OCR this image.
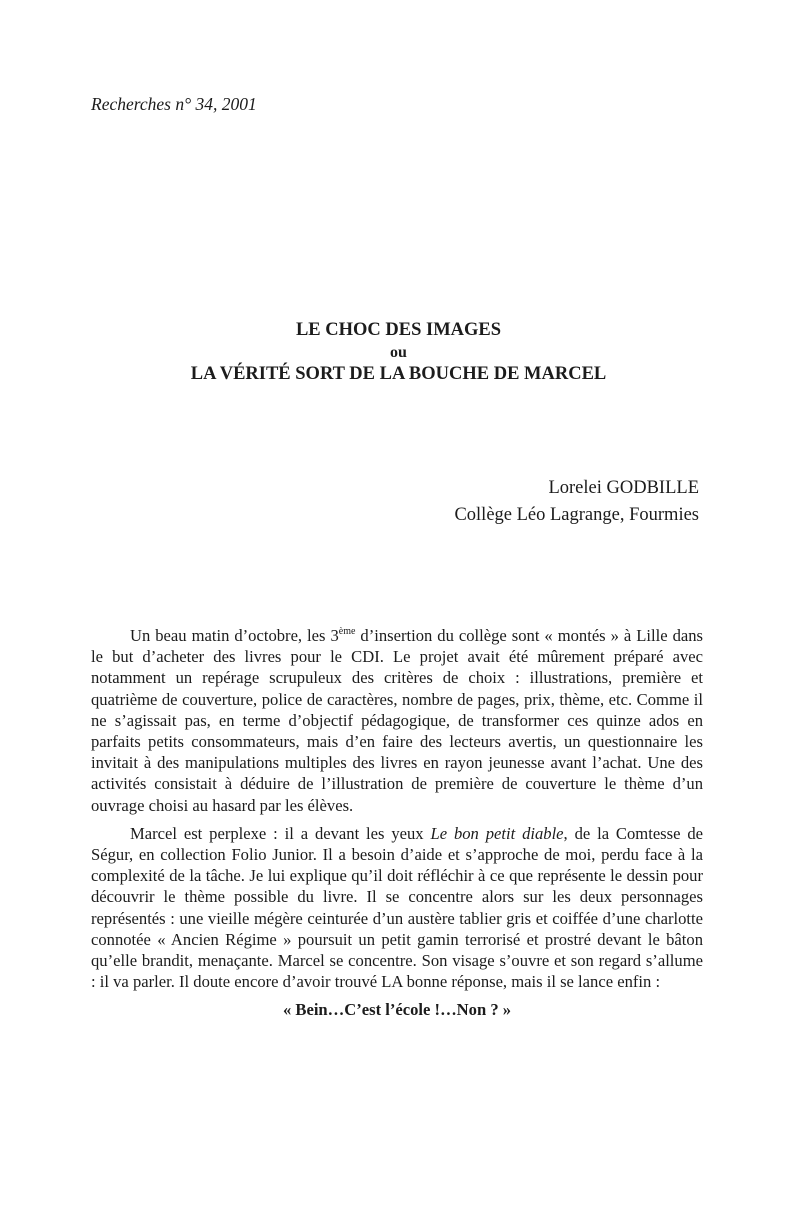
Recherches n° 34, 2001
LE CHOC DES IMAGES
ou
LA VÉRITÉ SORT DE LA BOUCHE DE MARCEL
Lorelei GODBILLE
Collège Léo Lagrange, Fourmies

Un beau matin d’octobre, les 3ème d’insertion du collège sont « montés » à Lille dans le but d’acheter des livres pour le CDI. Le projet avait été mûrement préparé avec notamment un repérage scrupuleux des critères de choix : illustrations, première et quatrième de couverture, police de caractères, nombre de pages, prix, thème, etc. Comme il ne s’agissait pas, en terme d’objectif pédagogique, de transformer ces quinze ados en parfaits petits consommateurs, mais d’en faire des lecteurs avertis, un questionnaire les invitait à des manipulations multiples des livres en rayon jeunesse avant l’achat. Une des activités consistait à déduire de l’illustration de première de couverture le thème d’un ouvrage choisi au hasard par les élèves.

Marcel est perplexe : il a devant les yeux Le bon petit diable, de la Comtesse de Ségur, en collection Folio Junior. Il a besoin d’aide et s’approche de moi, perdu face à la complexité de la tâche. Je lui explique qu’il doit réfléchir à ce que représente le dessin pour découvrir le thème possible du livre. Il se concentre alors sur les deux personnages représentés : une vieille mégère ceinturée d’un austère tablier gris et coiffée d’une charlotte connotée « Ancien Régime » poursuit un petit gamin terrorisé et prostré devant le bâton qu’elle brandit, menaçante. Marcel se concentre. Son visage s’ouvre et son regard s’allume : il va parler. Il doute encore d’avoir trouvé LA bonne réponse, mais il se lance enfin :

« Bein…C’est l’école !…Non ? »
